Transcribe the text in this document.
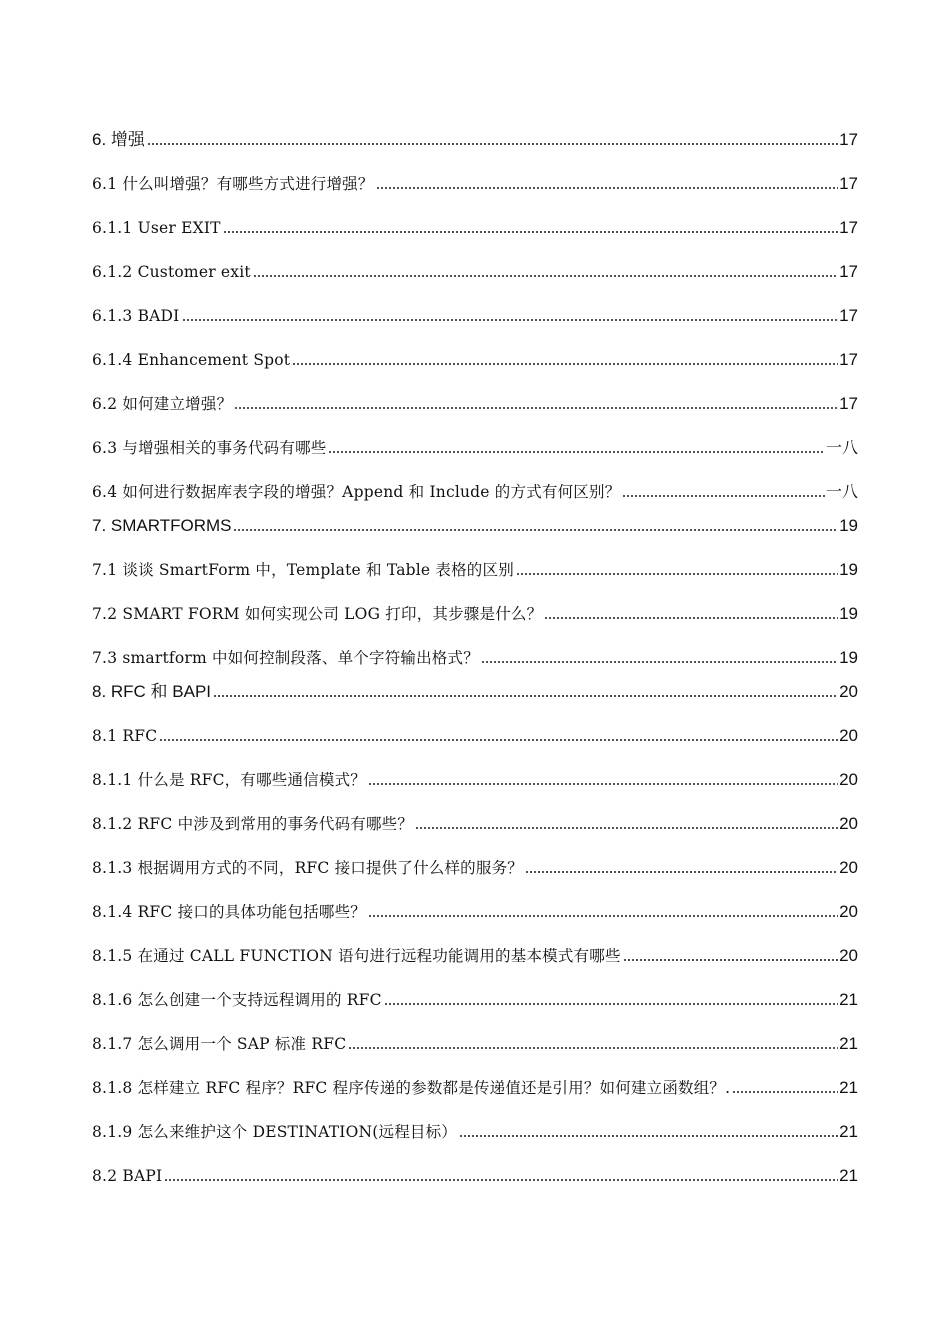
6. 增强	17
6.1 什么叫增强？有哪些方式进行增强？	17
6.1.1 User EXIT	17
6.1.2 Customer exit	17
6.1.3 BADI	17
6.1.4 Enhancement Spot	17
6.2 如何建立增强？	17
6.3 与增强相关的事务代码有哪些	一八
6.4 如何进行数据库表字段的增强？Append 和 Include 的方式有何区别？	一八
7. SMARTFORMS	19
7.1 谈谈 SmartForm 中，Template 和 Table 表格的区别	19
7.2 SMART FORM 如何实现公司 LOG 打印，其步骤是什么？	19
7.3 smartform 中如何控制段落、单个字符输出格式？	19
8. RFC 和 BAPI	20
8.1 RFC	20
8.1.1 什么是 RFC，有哪些通信模式？	20
8.1.2 RFC 中涉及到常用的事务代码有哪些？	20
8.1.3 根据调用方式的不同，RFC 接口提供了什么样的服务？	20
8.1.4 RFC 接口的具体功能包括哪些？	20
8.1.5 在通过 CALL FUNCTION 语句进行远程功能调用的基本模式有哪些	20
8.1.6 怎么创建一个支持远程调用的 RFC	21
8.1.7 怎么调用一个 SAP 标准 RFC	21
8.1.8 怎样建立 RFC 程序？RFC 程序传递的参数都是传递值还是引用？如何建立函数组？.	21
8.1.9 怎么来维护这个 DESTINATION(远程目标）	21
8.2 BAPI	21
